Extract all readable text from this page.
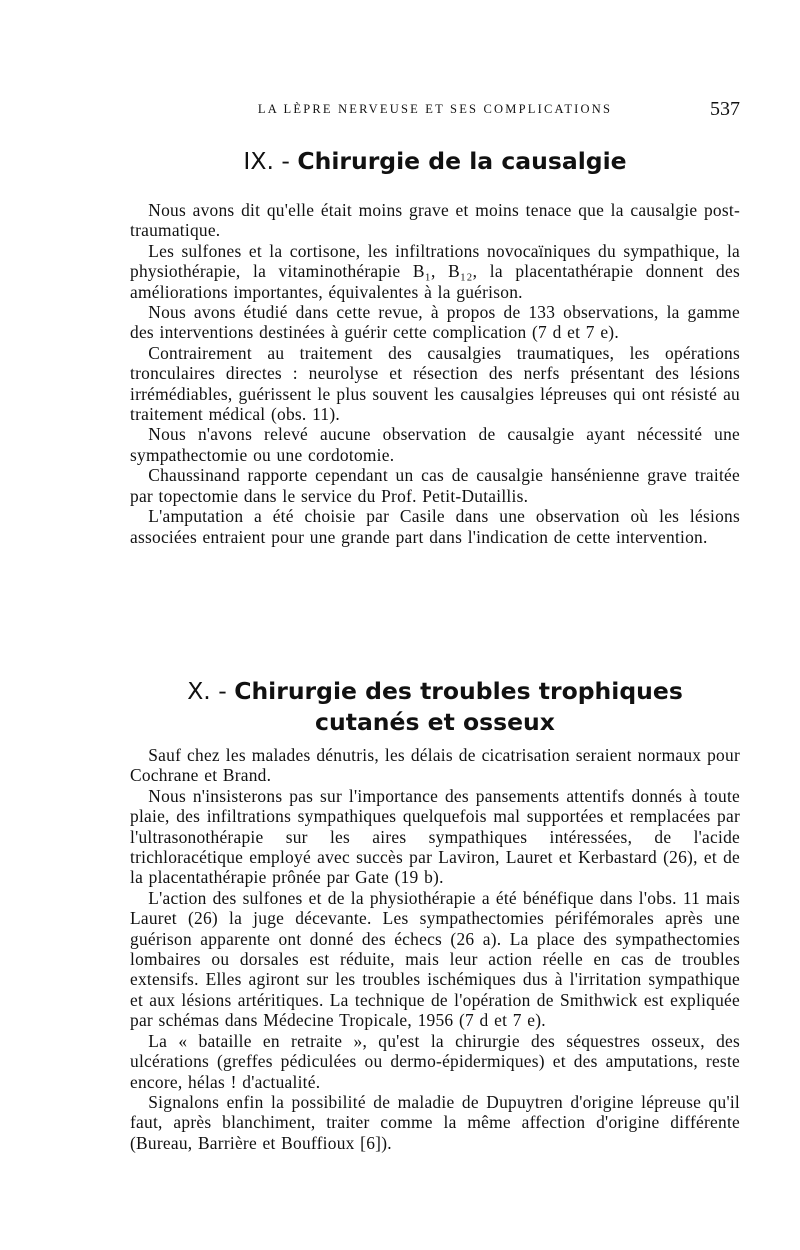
LA LÈPRE NERVEUSE ET SES COMPLICATIONS	537
IX. - Chirurgie de la causalgie

Nous avons dit qu'elle était moins grave et moins tenace que la causalgie post-traumatique.

Les sulfones et la cortisone, les infiltrations novocaïniques du sympathique, la physiothérapie, la vitaminothérapie B₁, B₁₂, la placentathérapie donnent des améliorations importantes, équivalentes à la guérison.

Nous avons étudié dans cette revue, à propos de 133 observations, la gamme des interventions destinées à guérir cette complication (7 d et 7 e).

Contrairement au traitement des causalgies traumatiques, les opérations tronculaires directes : neurolyse et résection des nerfs présentant des lésions irrémédiables, guérissent le plus souvent les causalgies lépreuses qui ont résisté au traitement médical (obs. 11).

Nous n'avons relevé aucune observation de causalgie ayant nécessité une sympathectomie ou une cordotomie.

Chaussinand rapporte cependant un cas de causalgie hansénienne grave traitée par topectomie dans le service du Prof. Petit-Dutaillis.

L'amputation a été choisie par Casile dans une observation où les lésions associées entraient pour une grande part dans l'indication de cette intervention.

X. - Chirurgie des troubles trophiques
cutanés et osseux

Sauf chez les malades dénutris, les délais de cicatrisation seraient normaux pour Cochrane et Brand.

Nous n'insisterons pas sur l'importance des pansements attentifs donnés à toute plaie, des infiltrations sympathiques quelquefois mal supportées et remplacées par l'ultrasonothérapie sur les aires sympathiques intéressées, de l'acide trichloracétique employé avec succès par Laviron, Lauret et Kerbastard (26), et de la placentathérapie prônée par Gate (19 b).

L'action des sulfones et de la physiothérapie a été bénéfique dans l'obs. 11 mais Lauret (26) la juge décevante. Les sympathectomies périfémorales après une guérison apparente ont donné des échecs (26 a). La place des sympathectomies lombaires ou dorsales est réduite, mais leur action réelle en cas de troubles extensifs. Elles agiront sur les troubles ischémiques dus à l'irritation sympathique et aux lésions artéritiques. La technique de l'opération de Smithwick est expliquée par schémas dans Médecine Tropicale, 1956 (7 d et 7 e).

La « bataille en retraite », qu'est la chirurgie des séquestres osseux, des ulcérations (greffes pédiculées ou dermo-épidermiques) et des amputations, reste encore, hélas ! d'actualité.

Signalons enfin la possibilité de maladie de Dupuytren d'origine lépreuse qu'il faut, après blanchiment, traiter comme la même affection d'origine différente (Bureau, Barrière et Bouffioux [6]).
